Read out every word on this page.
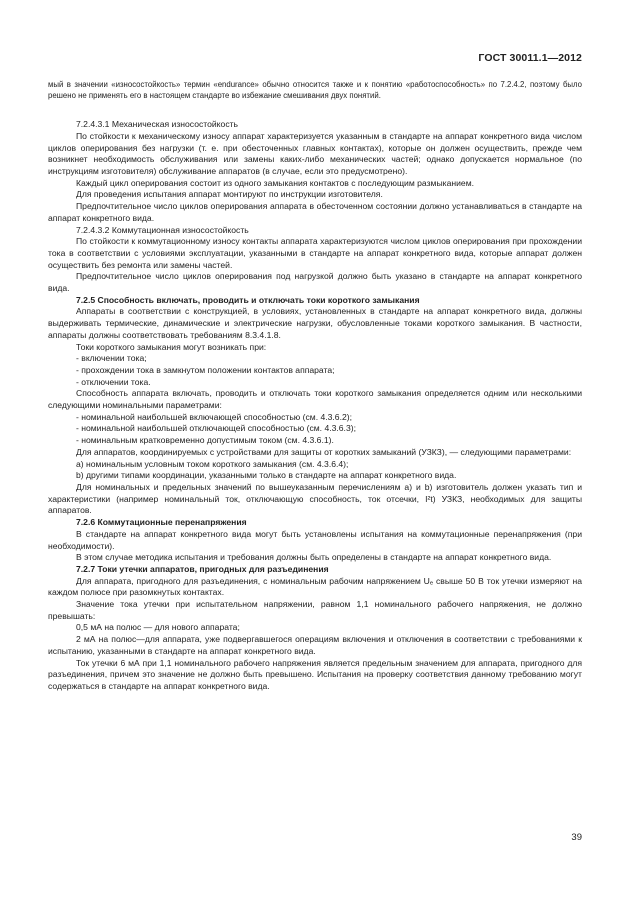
ГОСТ 30011.1—2012

мый в значении «износостойкость» термин «endurance» обычно относится также и к понятию «работоспособность» по 7.2.4.2, поэтому было решено не применять его в настоящем стандарте во избежание смешивания двух понятий.

7.2.4.3.1 Механическая износостойкость

По стойкости к механическому износу аппарат характеризуется указанным в стандарте на аппарат конкретного вида числом циклов оперирования без нагрузки (т. е. при обесточенных главных контактах), которые он должен осуществить, прежде чем возникнет необходимость обслуживания или замены каких-либо механических частей; однако допускается нормальное (по инструкциям изготовителя) обслуживание аппаратов (в случае, если это предусмотрено).

Каждый цикл оперирования состоит из одного замыкания контактов с последующим размыканием.

Для проведения испытания аппарат монтируют по инструкции изготовителя.

Предпочтительное число циклов оперирования аппарата в обесточенном состоянии должно устанавливаться в стандарте на аппарат конкретного вида.

7.2.4.3.2 Коммутационная износостойкость

По стойкости к коммутационному износу контакты аппарата характеризуются числом циклов оперирования при прохождении тока в соответствии с условиями эксплуатации, указанными в стандарте на аппарат конкретного вида, которые аппарат должен осуществить без ремонта или замены частей.

Предпочтительное число циклов оперирования под нагрузкой должно быть указано в стандарте на аппарат конкретного вида.

7.2.5 Способность включать, проводить и отключать токи короткого замыкания

Аппараты в соответствии с конструкцией, в условиях, установленных в стандарте на аппарат конкретного вида, должны выдерживать термические, динамические и электрические нагрузки, обусловленные токами короткого замыкания. В частности, аппараты должны соответствовать требованиям 8.3.4.1.8.

Токи короткого замыкания могут возникать при:

- включении тока;

- прохождении тока в замкнутом положении контактов аппарата;

- отключении тока.

Способность аппарата включать, проводить и отключать токи короткого замыкания определяется одним или несколькими следующими номинальными параметрами:

- номинальной наибольшей включающей способностью (см. 4.3.6.2);

- номинальной наибольшей отключающей способностью (см. 4.3.6.3);

- номинальным кратковременно допустимым током (см. 4.3.6.1).

Для аппаратов, координируемых с устройствами для защиты от коротких замыканий (УЗКЗ), — следующими параметрами:

а) номинальным условным током короткого замыкания (см. 4.3.6.4);

b) другими типами координации, указанными только в стандарте на аппарат конкретного вида.

Для номинальных и предельных значений по вышеуказанным перечислениям а) и b) изготовитель должен указать тип и характеристики (например номинальный ток, отключающую способность, ток отсечки, I²t) УЗКЗ, необходимых для защиты аппаратов.

7.2.6 Коммутационные перенапряжения

В стандарте на аппарат конкретного вида могут быть установлены испытания на коммутационные перенапряжения (при необходимости).

В этом случае методика испытания и требования должны быть определены в стандарте на аппарат конкретного вида.

7.2.7 Токи утечки аппаратов, пригодных для разъединения

Для аппарата, пригодного для разъединения, с номинальным рабочим напряжением Uₑ свыше 50 В ток утечки измеряют на каждом полюсе при разомкнутых контактах.

Значение тока утечки при испытательном напряжении, равном 1,1 номинального рабочего напряжения, не должно превышать:

0,5 мА на полюс — для нового аппарата;

2 мА на полюс—для аппарата, уже подвергавшегося операциям включения и отключения в соответствии с требованиями к испытанию, указанными в стандарте на аппарат конкретного вида.

Ток утечки 6 мА при 1,1 номинального рабочего напряжения является предельным значением для аппарата, пригодного для разъединения, причем это значение не должно быть превышено. Испытания на проверку соответствия данному требованию могут содержаться в стандарте на аппарат конкретного вида.

39
